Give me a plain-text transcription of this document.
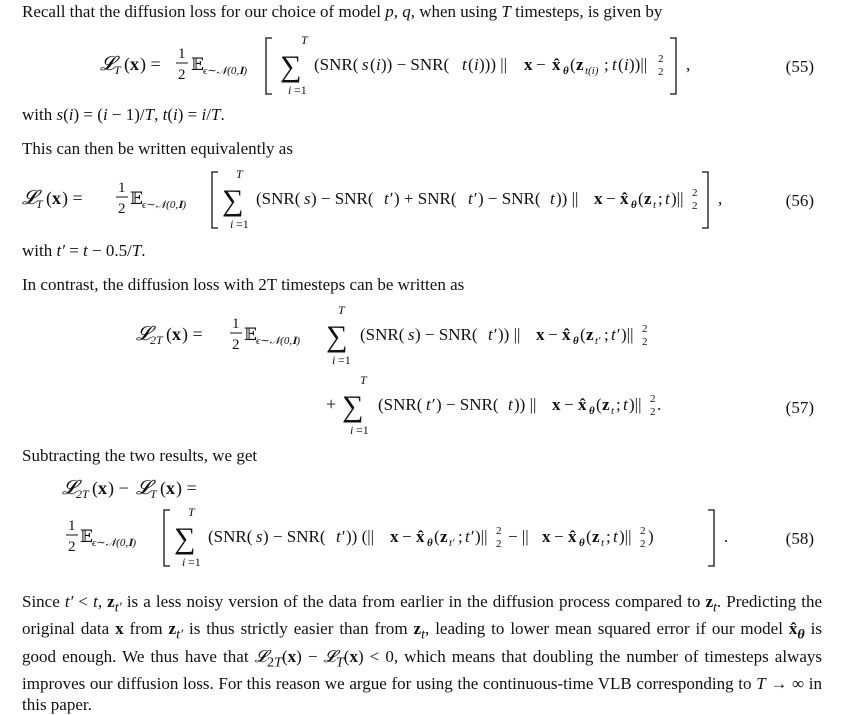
Recall that the diffusion loss for our choice of model p, q, when using T timesteps, is given by
𝓛 T ( x ) = 1
2
𝔼 ϵ∼𝒩(0,𝐈)
T
∑
i =1
(SNR( s ( i )) − SNR( t ( i ))) || x − x̂ θ ( z t(i) ; t ( i ))|| 2
2 ,	(55)
with s(i) = (i − 1)/T, t(i) = i/T.
This can then be written equivalently as
𝓛 T ( x ) = 1
2
𝔼 ϵ∼𝒩(0,𝐈)
T
∑
i =1
(SNR( s ) − SNR( t′ ) + SNR( t′ ) − SNR( t )) || x − x̂ θ ( z t ; t )|| 2
2 ,	(56)
with t′ = t − 0.5/T.
In contrast, the diffusion loss with 2T timesteps can be written as
𝓛 2T ( x ) = 1
2
𝔼 ϵ∼𝒩(0,𝐈)
T
∑
i =1
(SNR( s ) − SNR( t′ )) || x − x̂ θ ( z t′ ; t′ )|| 2
2
+
T
∑
i =1
(SNR( t′ ) − SNR( t )) || x − x̂ θ ( z t ; t )|| 2
2 .	(57)
Subtracting the two results, we get
𝓛 2T ( x ) − 𝓛 T ( x ) =
1
2
𝔼 ϵ∼𝒩(0,𝐈)
T
∑
i =1
(SNR( s ) − SNR( t′ )) (|| x − x̂ θ ( z t′ ; t′ )|| 2
2 − || x − x̂ θ ( z t ; t )|| 2
2 )	.	(58)
Since t′ < t, $z_{t'}$ is a less noisy version of the data from earlier in the diffusion process compared to $z_t$. Predicting the original data x from $z_{t'}$ is thus strictly easier than from $z_t$, leading to lower mean squared error if our model $x̂_\theta$ is good enough. We thus have that 𝓛$_{2T}$(x) − 𝓛$_T$(x) < 0, which means that doubling the number of timesteps always improves our diffusion loss. For this reason we argue for using the continuous-time VLB corresponding to T → ∞ in this paper.
